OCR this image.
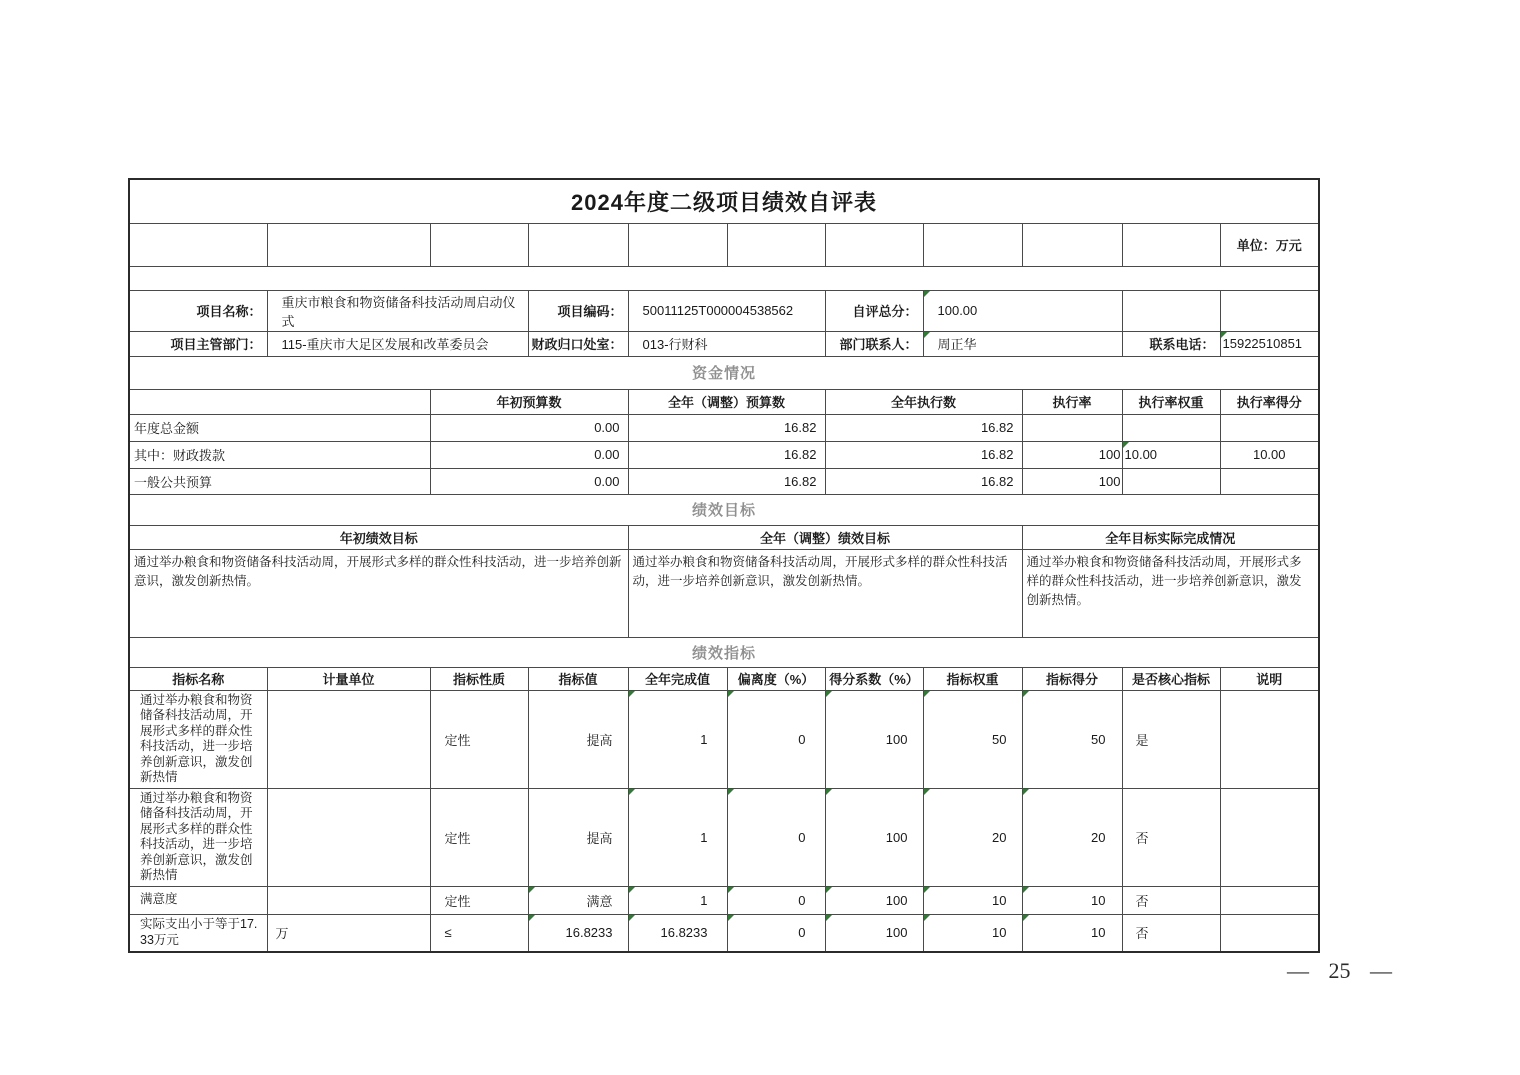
2024年度二级项目绩效自评表										
										单位：万元

项目名称：	重庆市粮食和物资储备科技活动周启动仪式		项目编码：	50011125T000004538562		自评总分：	100.00			
项目主管部门：	115-重庆市大足区发展和改革委员会		财政归口处室：	013-行财科		部门联系人：	周正华		联系电话：	15922510851
资金情况										
		年初预算数		全年（调整）预算数		全年执行数		执行率	执行率权重	执行率得分
年度总金额		0.00		16.82		16.82				
其中：财政拨款		0.00		16.82		16.82		100	10.00	10.00
一般公共预算		0.00		16.82		16.82		100		
绩效目标										
年初绩效目标				全年（调整）绩效目标				全年目标实际完成情况		
通过举办粮食和物资储备科技活动周，开展形式多样的群众性科技活动，进一步培养创新意识，激发创新热情。				通过举办粮食和物资储备科技活动周，开展形式多样的群众性科技活动，进一步培养创新意识，激发创新热情。				通过举办粮食和物资储备科技活动周，开展形式多样的群众性科技活动，进一步培养创新意识，激发创新热情。		
绩效指标										
指标名称	计量单位	指标性质	指标值	全年完成值	偏离度（%）	得分系数（%）	指标权重	指标得分	是否核心指标	说明
通过举办粮食和物资储备科技活动周，开展形式多样的群众性科技活动，进一步培养创新意识，激发创新热情		定性	提高	1	0	100	50	50	是	
通过举办粮食和物资储备科技活动周，开展形式多样的群众性科技活动，进一步培养创新意识，激发创新热情		定性	提高	1	0	100	20	20	否	
满意度		定性	满意	1	0	100	10	10	否	
实际支出小于等于17.33万元	万	≤	16.8233	16.8233	0	100	10	10	否	
— 25 —
